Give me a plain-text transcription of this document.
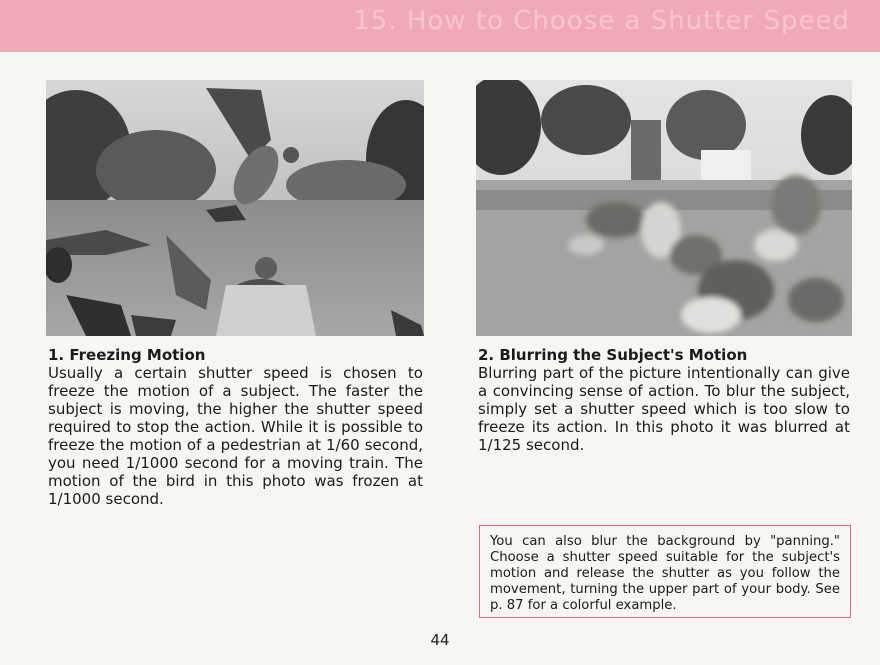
15. How to Choose a Shutter Speed
1. Freezing Motion

Usually a certain shutter speed is chosen to freeze the motion of a subject. The faster the subject is moving, the higher the shutter speed required to stop the action. While it is possible to freeze the motion of a pedestrian at 1/60 second, you need 1/1000 second for a moving train. The motion of the bird in this photo was frozen at 1/1000 second.

2. Blurring the Subject's Motion

Blurring part of the picture intentionally can give a convincing sense of action. To blur the subject, simply set a shutter speed which is too slow to freeze its action. In this photo it was blurred at 1/125 second.

You can also blur the background by "panning." Choose a shutter speed suitable for the subject's motion and release the shutter as you follow the movement, turning the upper part of your body. See p. 87 for a colorful example.
44
